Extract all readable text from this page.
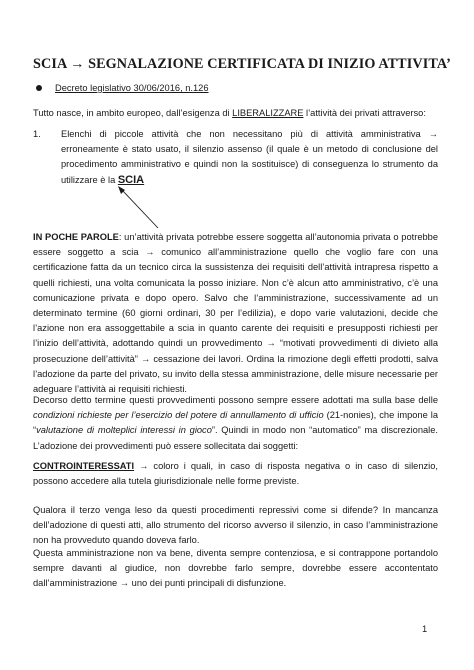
SCIA → SEGNALAZIONE CERTIFICATA DI INIZIO ATTIVITA’
Decreto legislativo 30/06/2016, n.126
Tutto nasce, in ambito europeo, dall’esigenza di LIBERALIZZARE l’attività dei privati attraverso:
1. Elenchi di piccole attività che non necessitano più di attività amministrativa → erroneamente è stato usato, il silenzio assenso (il quale è un metodo di conclusione del procedimento amministrativo e quindi non la sostituisce) di conseguenza lo strumento da utilizzare è la SCIA
IN POCHE PAROLE: un’attività privata potrebbe essere soggetta all’autonomia privata o potrebbe essere soggetto a scia → comunico all’amministrazione quello che voglio fare con una certificazione fatta da un tecnico circa la sussistenza dei requisiti dell’attività intrapresa rispetto a quelli richiesti, una volta comunicata la posso iniziare. Non c’è alcun atto amministrativo, c’è una comunicazione privata e dopo opero. Salvo che l’amministrazione, successivamente ad un determinato termine (60 giorni ordinari, 30 per l’edilizia), e dopo varie valutazioni, decide che l’azione non era assoggettabile a scia in quanto carente dei requisiti e presupposti richiesti per l’inizio dell’attività, adottando quindi un provvedimento → “motivati provvedimenti di divieto alla prosecuzione dell’attività” → cessazione dei lavori. Ordina la rimozione degli effetti prodotti, salva l’adozione da parte del privato, su invito della stessa amministrazione, delle misure necessarie per adeguare l’attività ai requisiti richiesti.
Decorso detto termine questi provvedimenti possono sempre essere adottati ma sulla base delle condizioni richieste per l’esercizio del potere di annullamento di ufficio (21-nonies), che impone la “valutazione di molteplici interessi in gioco”. Quindi in modo non “automatico” ma discrezionale. L’adozione dei provvedimenti può essere sollecitata dai soggetti:
CONTROINTERESSATI → coloro i quali, in caso di risposta negativa o in caso di silenzio, possono accedere alla tutela giurisdizionale nelle forme previste.
Qualora il terzo venga leso da questi procedimenti repressivi come si difende? In mancanza dell’adozione di questi atti, allo strumento del ricorso avverso il silenzio, in caso l’amministrazione non ha provveduto quando doveva farlo.
Questa amministrazione non va bene, diventa sempre contenziosa, e si contrappone portandolo sempre davanti al giudice, non dovrebbe farlo sempre, dovrebbe essere accontentato dall’amministrazione → uno dei punti principali di disfunzione.
1
